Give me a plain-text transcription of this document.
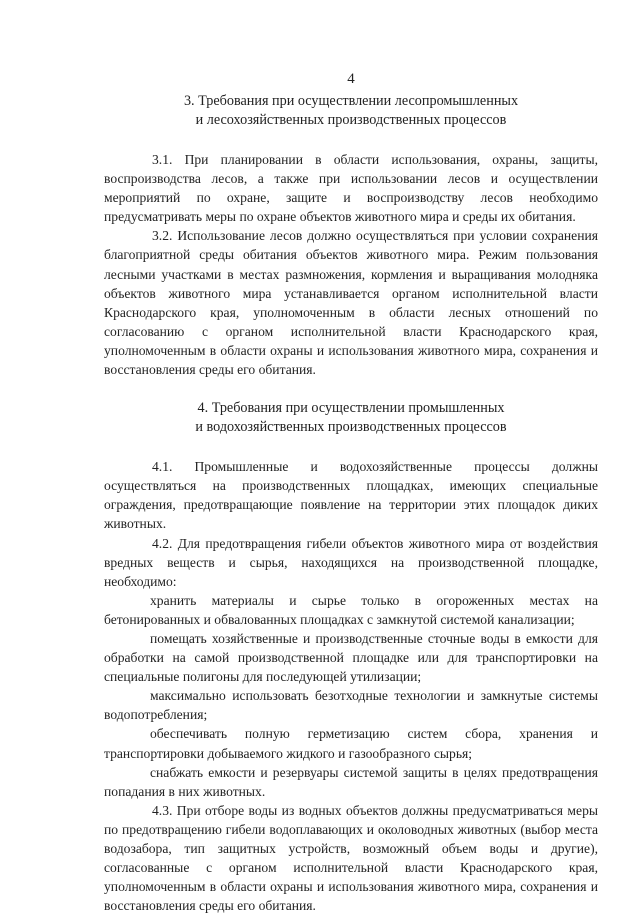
4
3. Требования при осуществлении лесопромышленных
и лесохозяйственных производственных процессов

3.1. При планировании в области использования, охраны, защиты, воспроизводства лесов, а также при использовании лесов и осуществлении мероприятий по охране, защите и воспроизводству лесов необходимо предусматривать меры по охране объектов животного мира и среды их обитания.

3.2. Использование лесов должно осуществляться при условии сохранения благоприятной среды обитания объектов животного мира. Режим пользования лесными участками в местах размножения, кормления и выращивания молодняка объектов животного мира устанавливается органом исполнительной власти Краснодарского края, уполномоченным в области лесных отношений по согласованию с органом исполнительной власти Краснодарского края, уполномоченным в области охраны и использования животного мира, сохранения и восстановления среды его обитания.

4. Требования при осуществлении промышленных
и водохозяйственных производственных процессов

4.1. Промышленные и водохозяйственные процессы должны осуществляться на производственных площадках, имеющих специальные ограждения, предотвращающие появление на территории этих площадок диких животных.

4.2. Для предотвращения гибели объектов животного мира от воздействия вредных веществ и сырья, находящихся на производственной площадке, необходимо:

хранить материалы и сырье только в огороженных местах на бетонированных и обвалованных площадках с замкнутой системой канализации;

помещать хозяйственные и производственные сточные воды в емкости для обработки на самой производственной площадке или для транспортировки на специальные полигоны для последующей утилизации;

максимально использовать безотходные технологии и замкнутые системы водопотребления;

обеспечивать полную герметизацию систем сбора, хранения и транспортировки добываемого жидкого и газообразного сырья;

снабжать емкости и резервуары системой защиты в целях предотвращения попадания в них животных.

4.3. При отборе воды из водных объектов должны предусматриваться меры по предотвращению гибели водоплавающих и околоводных животных (выбор места водозабора, тип защитных устройств, возможный объем воды и другие), согласованные с органом исполнительной власти Краснодарского края, уполномоченным в области охраны и использования животного мира, сохранения и восстановления среды его обитания.
